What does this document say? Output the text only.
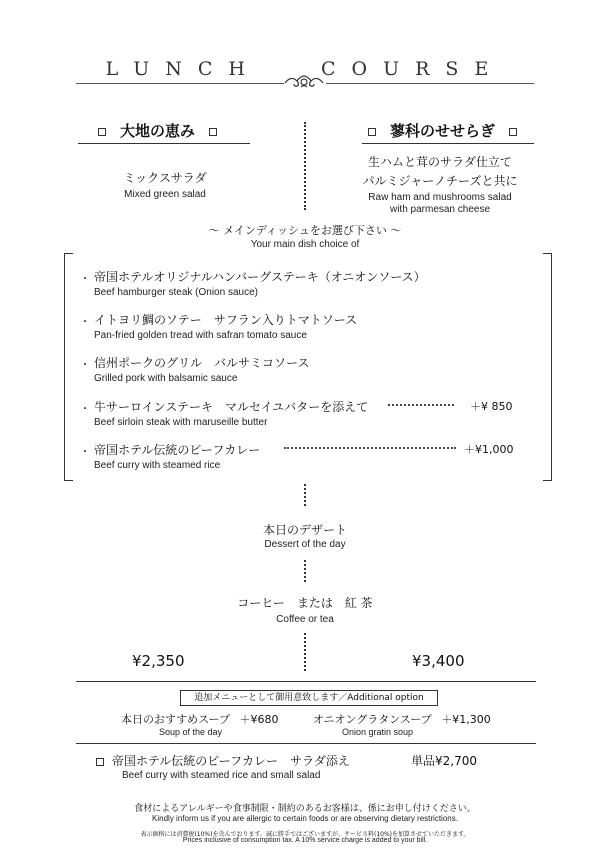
LUNCH	COURSE
大地の恵み	蓼科のせせらぎ
ミックスサラダ
Mixed green salad
生ハムと茸のサラダ仕立て
パルミジャーノチーズと共に
Raw ham and mushrooms salad
with parmesan cheese
～ メインディッシュをお選び下さい ～
Your main dish choice of
・ 帝国ホテルオリジナルハンバーグステーキ（オニオンソース）
Beef hamburger steak (Onion sauce)
・ イトヨリ鯛のソテー　サフラン入りトマトソース
Pan-fried golden tread with safran tomato sauce
・ 信州ポークのグリル　バルサミコソース
Grilled pork with balsamic sauce
・ 牛サーロインステーキ　マルセイユバターを添えて
Beef sirloin steak with maruseille butter
＋¥ 850
・ 帝国ホテル伝統のビーフカレー
Beef curry with steamed rice
＋¥1,000
本日のデザート
Dessert of the day
コーヒー　または　紅 茶
Coffee or tea
¥2,350	¥3,400
追加メニューとして御用意致します／Additional option
本日のおすすめスープ ＋¥680
Soup of the day
オニオングラタンスープ ＋¥1,300
Onion gratin soup
帝国ホテル伝統のビーフカレー　サラダ添え
Beef curry with steamed rice and small salad
単品¥2,700
食材によるアレルギーや食事制限・制約のあるお客様は、係にお申し付けください。
Kindly inform us if you are allergic to certain foods or are observing dietary restrictions.
表示価格には消費税(10%)を含んでおります。誠に勝手ではございますが、サービス料(10%)を加算させていただきます。
Prices inclusive of consumption tax. A 10% service charge is added to your bill.
